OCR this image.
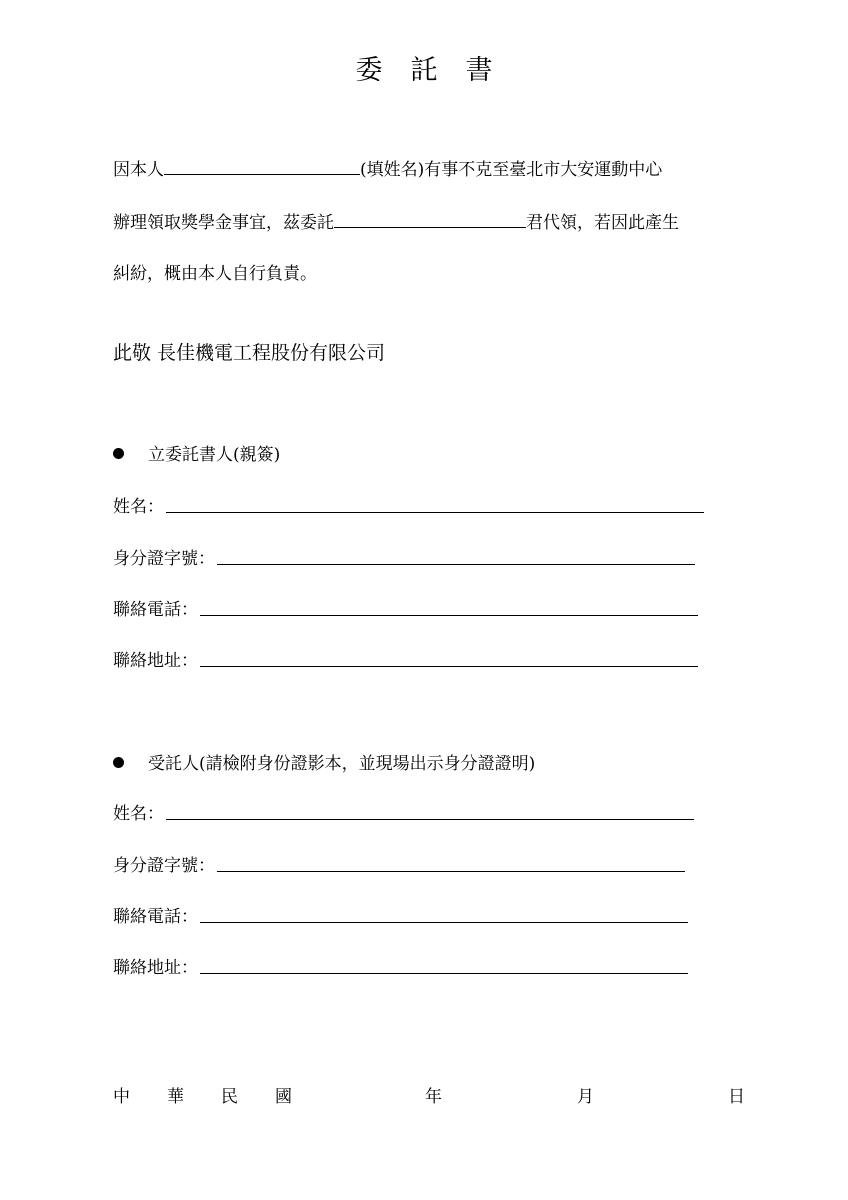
委 託 書
因本人	(填姓名)有事不克至臺北市大安運動中心
辦理領取獎學金事宜，茲委託	君代領，若因此產生
糾紛，概由本人自行負責。
此敬 長佳機電工程股份有限公司
立委託書人(親簽)
姓名：
身分證字號：
聯絡電話：
聯絡地址：
受託人(請檢附身份證影本，並現場出示身分證證明)
姓名：
身分證字號：
聯絡電話：
聯絡地址：
中 華 民 國	年	月	日
